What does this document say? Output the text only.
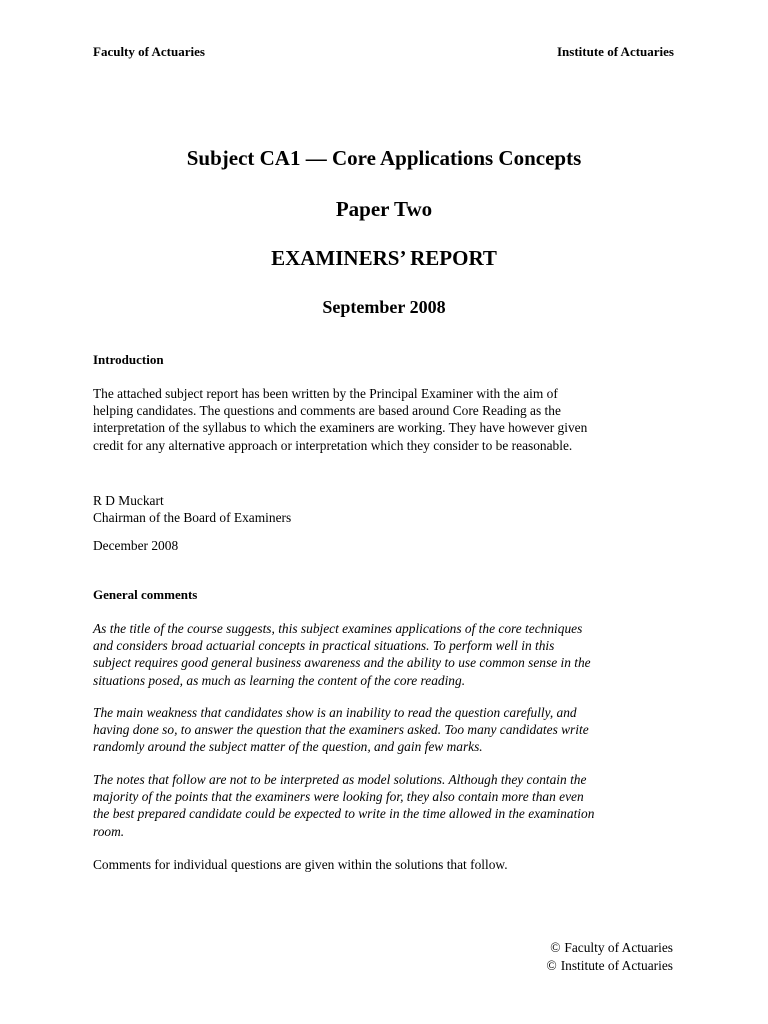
Faculty of Actuaries	Institute of Actuaries
Subject CA1 — Core Applications Concepts
Paper Two
EXAMINERS’ REPORT
September 2008
Introduction
The attached subject report has been written by the Principal Examiner with the aim of
helping candidates. The questions and comments are based around Core Reading as the
interpretation of the syllabus to which the examiners are working. They have however given
credit for any alternative approach or interpretation which they consider to be reasonable.
R D Muckart
Chairman of the Board of Examiners
December 2008
General comments
As the title of the course suggests, this subject examines applications of the core techniques
and considers broad actuarial concepts in practical situations. To perform well in this
subject requires good general business awareness and the ability to use common sense in the
situations posed, as much as learning the content of the core reading.
The main weakness that candidates show is an inability to read the question carefully, and
having done so, to answer the question that the examiners asked. Too many candidates write
randomly around the subject matter of the question, and gain few marks.
The notes that follow are not to be interpreted as model solutions. Although they contain the
majority of the points that the examiners were looking for, they also contain more than even
the best prepared candidate could be expected to write in the time allowed in the examination
room.
Comments for individual questions are given within the solutions that follow.
© Faculty of Actuaries
© Institute of Actuaries
